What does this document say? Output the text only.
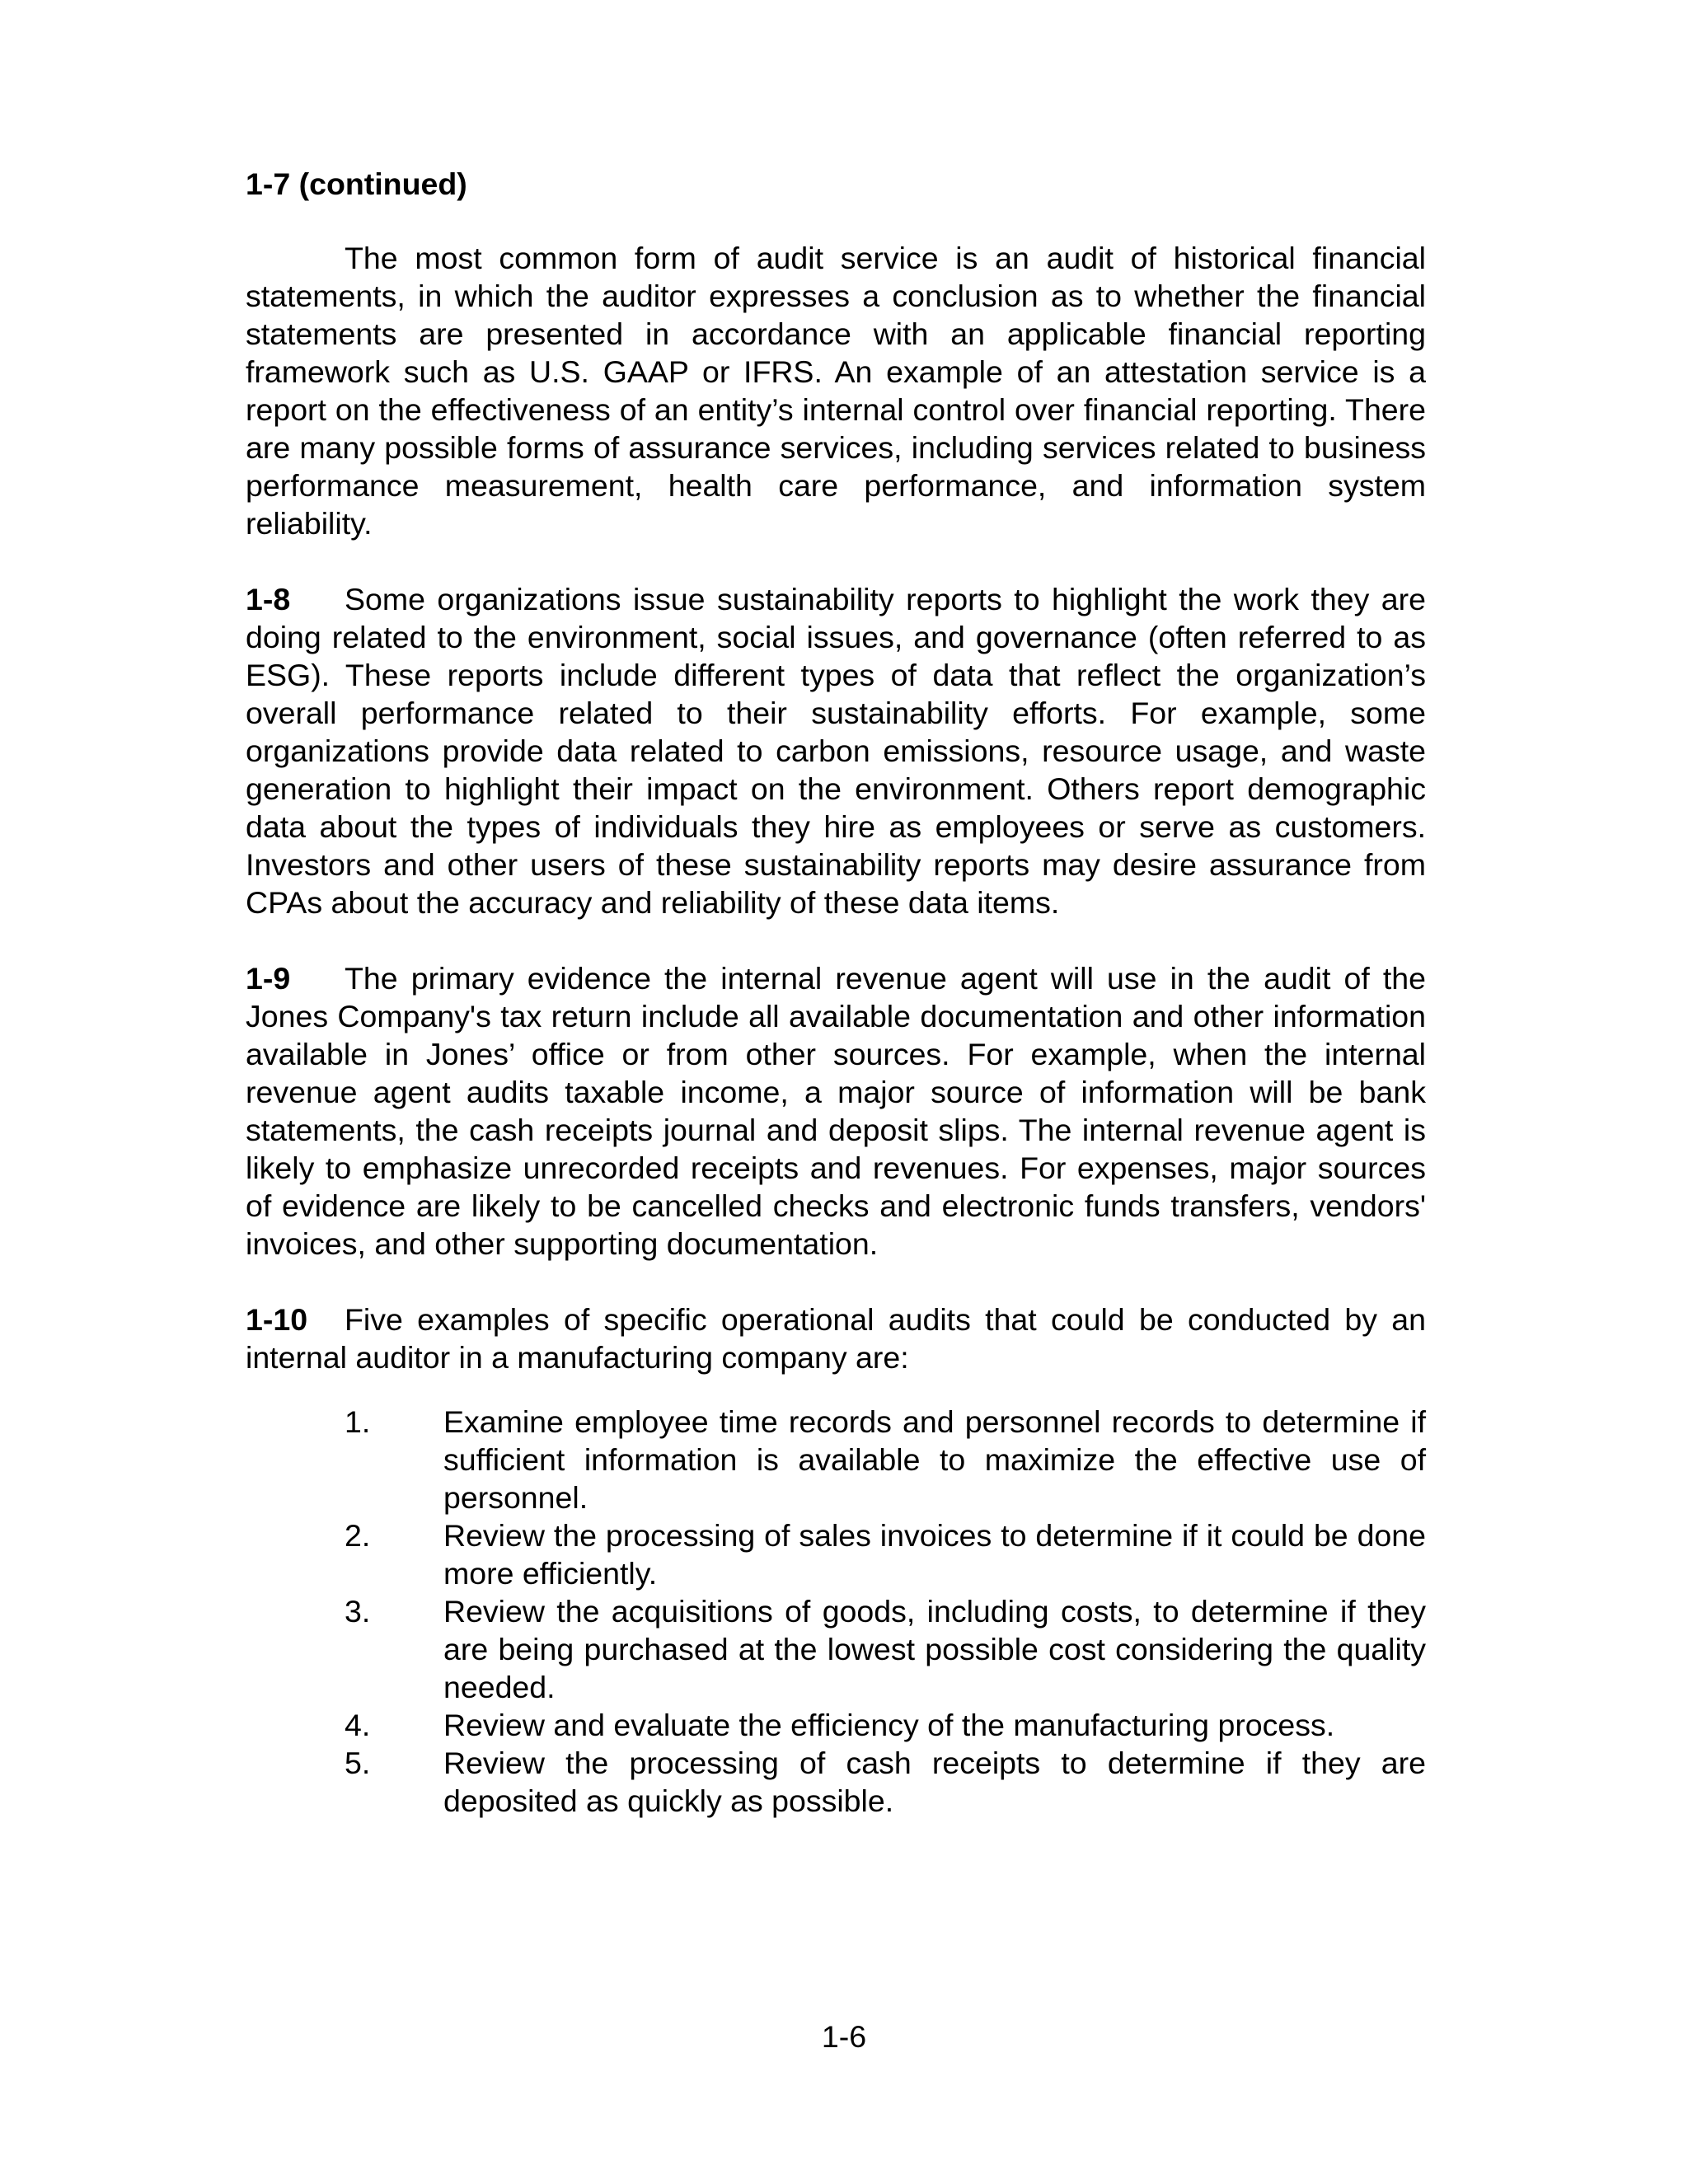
1-7 (continued)

The most common form of audit service is an audit of historical financial statements, in which the auditor expresses a conclusion as to whether the financial statements are presented in accordance with an applicable financial reporting framework such as U.S. GAAP or IFRS. An example of an attestation service is a report on the effectiveness of an entity’s internal control over financial reporting. There are many possible forms of assurance services, including services related to business performance measurement, health care performance, and information system reliability.

1-8 Some organizations issue sustainability reports to highlight the work they are doing related to the environment, social issues, and governance (often referred to as ESG). These reports include different types of data that reflect the organization’s overall performance related to their sustainability efforts. For example, some organizations provide data related to carbon emissions, resource usage, and waste generation to highlight their impact on the environment. Others report demographic data about the types of individuals they hire as employees or serve as customers. Investors and other users of these sustainability reports may desire assurance from CPAs about the accuracy and reliability of these data items.

1-9 The primary evidence the internal revenue agent will use in the audit of the Jones Company's tax return include all available documentation and other information available in Jones’ office or from other sources. For example, when the internal revenue agent audits taxable income, a major source of information will be bank statements, the cash receipts journal and deposit slips. The internal revenue agent is likely to emphasize unrecorded receipts and revenues. For expenses, major sources of evidence are likely to be cancelled checks and electronic funds transfers, vendors' invoices, and other supporting documentation.

1-10 Five examples of specific operational audits that could be conducted by an internal auditor in a manufacturing company are:

1.	Examine employee time records and personnel records to determine if sufficient information is available to maximize the effective use of personnel.
2.	Review the processing of sales invoices to determine if it could be done more efficiently.
3.	Review the acquisitions of goods, including costs, to determine if they are being purchased at the lowest possible cost considering the quality needed.
4.	Review and evaluate the efficiency of the manufacturing process.
5.	Review the processing of cash receipts to determine if they are deposited as quickly as possible.
1-6
